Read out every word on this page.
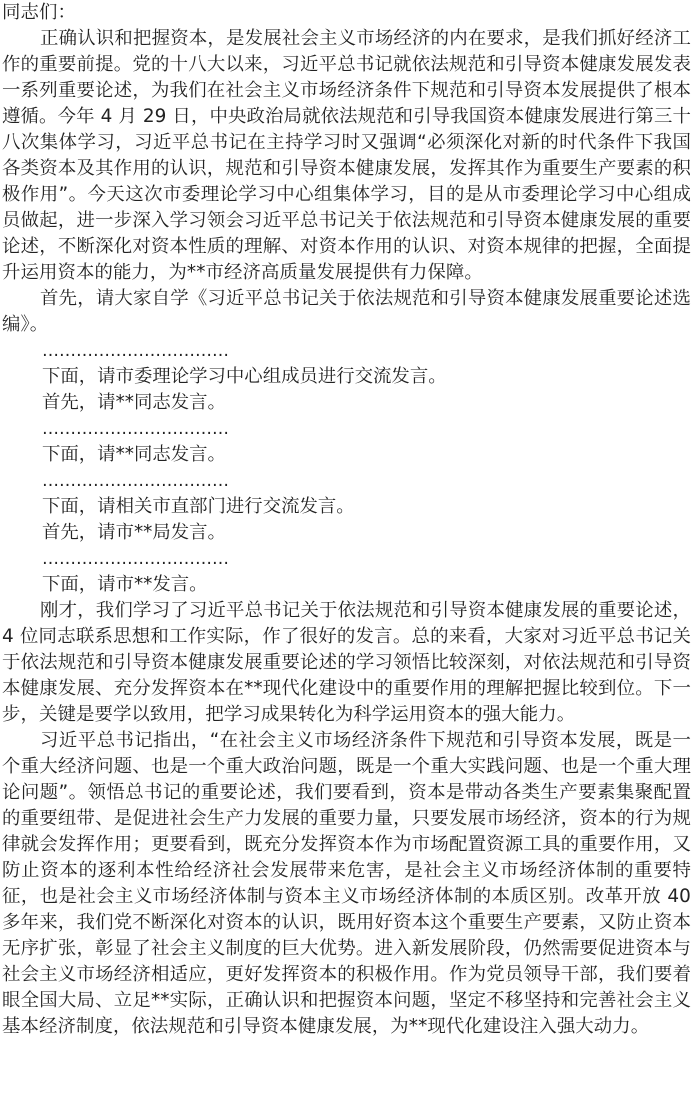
同志们：

正确认识和把握资本，是发展社会主义市场经济的内在要求，是我们抓好经济工作的重要前提。党的十八大以来，习近平总书记就依法规范和引导资本健康发展发表一系列重要论述，为我们在社会主义市场经济条件下规范和引导资本发展提供了根本遵循。今年 4 月 29 日，中央政治局就依法规范和引导我国资本健康发展进行第三十八次集体学习，习近平总书记在主持学习时又强调“必须深化对新的时代条件下我国各类资本及其作用的认识，规范和引导资本健康发展，发挥其作为重要生产要素的积极作用”。今天这次市委理论学习中心组集体学习，目的是从市委理论学习中心组成员做起，进一步深入学习领会习近平总书记关于依法规范和引导资本健康发展的重要论述，不断深化对资本性质的理解、对资本作用的认识、对资本规律的把握，全面提升运用资本的能力，为**市经济高质量发展提供有力保障。

首先，请大家自学《习近平总书记关于依法规范和引导资本健康发展重要论述选编》。

……………………………

下面，请市委理论学习中心组成员进行交流发言。

首先，请**同志发言。

……………………………

下面，请**同志发言。

……………………………

下面，请相关市直部门进行交流发言。

首先，请市**局发言。

……………………………

下面，请市**发言。

刚才，我们学习了习近平总书记关于依法规范和引导资本健康发展的重要论述，4 位同志联系思想和工作实际，作了很好的发言。总的来看，大家对习近平总书记关于依法规范和引导资本健康发展重要论述的学习领悟比较深刻，对依法规范和引导资本健康发展、充分发挥资本在**现代化建设中的重要作用的理解把握比较到位。下一步，关键是要学以致用，把学习成果转化为科学运用资本的强大能力。

习近平总书记指出，“在社会主义市场经济条件下规范和引导资本发展，既是一个重大经济问题、也是一个重大政治问题，既是一个重大实践问题、也是一个重大理论问题”。领悟总书记的重要论述，我们要看到，资本是带动各类生产要素集聚配置的重要纽带、是促进社会生产力发展的重要力量，只要发展市场经济，资本的行为规律就会发挥作用；更要看到，既充分发挥资本作为市场配置资源工具的重要作用，又防止资本的逐利本性给经济社会发展带来危害，是社会主义市场经济体制的重要特征，也是社会主义市场经济体制与资本主义市场经济体制的本质区别。改革开放 40 多年来，我们党不断深化对资本的认识，既用好资本这个重要生产要素，又防止资本无序扩张，彰显了社会主义制度的巨大优势。进入新发展阶段，仍然需要促进资本与社会主义市场经济相适应，更好发挥资本的积极作用。作为党员领导干部，我们要着眼全国大局、立足**实际，正确认识和把握资本问题，坚定不移坚持和完善社会主义基本经济制度，依法规范和引导资本健康发展，为**现代化建设注入强大动力。
